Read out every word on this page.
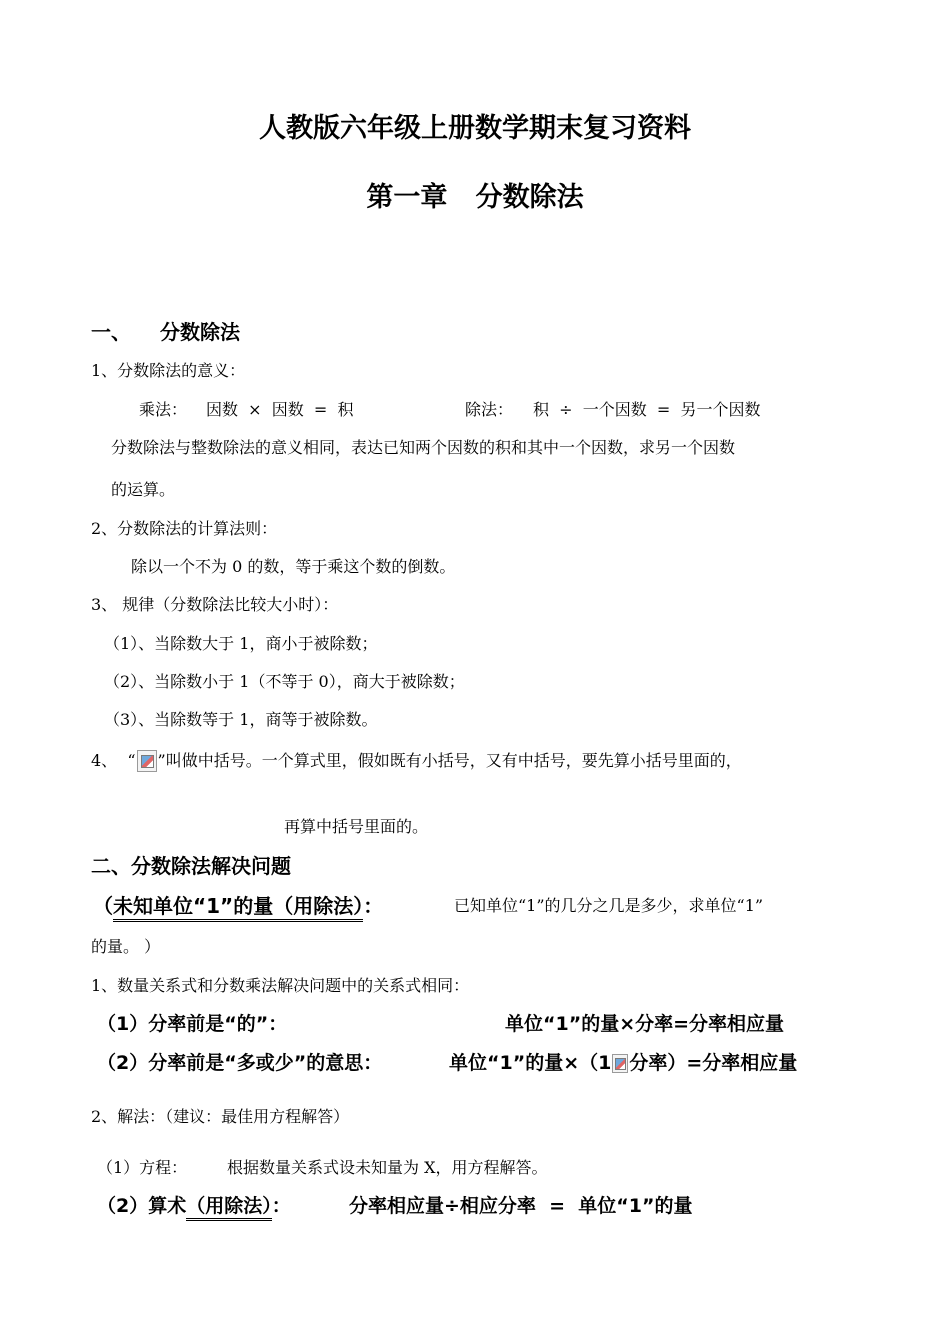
人教版六年级上册数学期末复习资料
第一章   分数除法
一、 分数除法
1、分数除法的意义：
乘法： 因数  ×  因数  =  积	除法： 积  ÷  一个因数  =  另一个因数
分数除法与整数除法的意义相同，表达已知两个因数的积和其中一个因数，求另一个因数
的运算。
2、分数除法的计算法则：
除以一个不为 0 的数，等于乘这个数的倒数。
3、 规律（分数除法比较大小时）：
（1）、当除数大于 1，商小于被除数；
（2）、当除数小于 1（不等于 0），商大于被除数；
（3）、当除数等于 1，商等于被除数。
4、  “ ”叫做中括号。一个算式里，假如既有小括号，又有中括号，要先算小括号里面的，
再算中括号里面的。
二、分数除法解决问题
（未知单位“1”的量（用除法）：	已知单位“1”的几分之几是多少，求单位“1”
的量。 ）
1、数量关系式和分数乘法解决问题中的关系式相同：
（1）分率前是“的”：	单位“1”的量×分率=分率相应量
（2）分率前是“多或少”的意思：	单位“1”的量×（1 分率）=分率相应量
2、解法：（建议：最佳用方程解答）
（1）方程： 根据数量关系式设未知量为 X，用方程解答。
（2）算术（用除法）：	分率相应量÷相应分率  =  单位“1”的量
